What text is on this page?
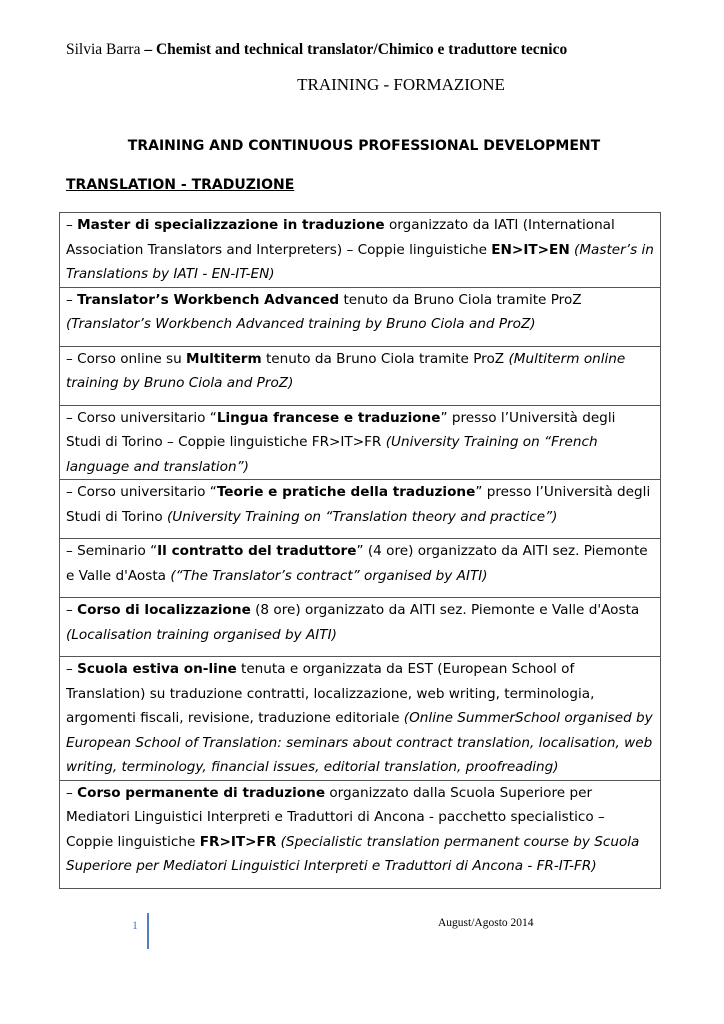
Silvia Barra – Chemist and technical translator/Chimico e traduttore tecnico
TRAINING - FORMAZIONE
TRAINING AND CONTINUOUS PROFESSIONAL DEVELOPMENT
TRANSLATION - TRADUZIONE
– Master di specializzazione in traduzione organizzato da IATI (International Association Translators and Interpreters) – Coppie linguistiche EN>IT>EN (Master’s in Translations by IATI - EN-IT-EN)
– Translator’s Workbench Advanced tenuto da Bruno Ciola tramite ProZ
(Translator’s Workbench Advanced training by Bruno Ciola and ProZ)

– Corso online su Multiterm tenuto da Bruno Ciola tramite ProZ (Multiterm online training by Bruno Ciola and ProZ)

– Corso universitario “Lingua francese e traduzione” presso l’Università degli Studi di Torino – Coppie linguistiche FR>IT>FR (University Training on “French language and translation”)
– Corso universitario “Teorie e pratiche della traduzione” presso l’Università degli Studi di Torino (University Training on “Translation theory and practice”)

– Seminario “Il contratto del traduttore” (4 ore) organizzato da AITI sez. Piemonte e Valle d'Aosta (“The Translator’s contract” organised by AITI)

– Corso di localizzazione (8 ore) organizzato da AITI sez. Piemonte e Valle d'Aosta (Localisation training organised by AITI)

– Scuola estiva on-line tenuta e organizzata da EST (European School of Translation) su traduzione contratti, localizzazione, web writing, terminologia, argomenti fiscali, revisione, traduzione editoriale (Online SummerSchool organised by European School of Translation: seminars about contract translation, localisation, web writing, terminology, financial issues, editorial translation, proofreading)
– Corso permanente di traduzione organizzato dalla Scuola Superiore per Mediatori Linguistici Interpreti e Traduttori di Ancona - pacchetto specialistico – Coppie linguistiche FR>IT>FR (Specialistic translation permanent course by Scuola Superiore per Mediatori Linguistici Interpreti e Traduttori di Ancona - FR-IT-FR)
1	August/Agosto 2014
